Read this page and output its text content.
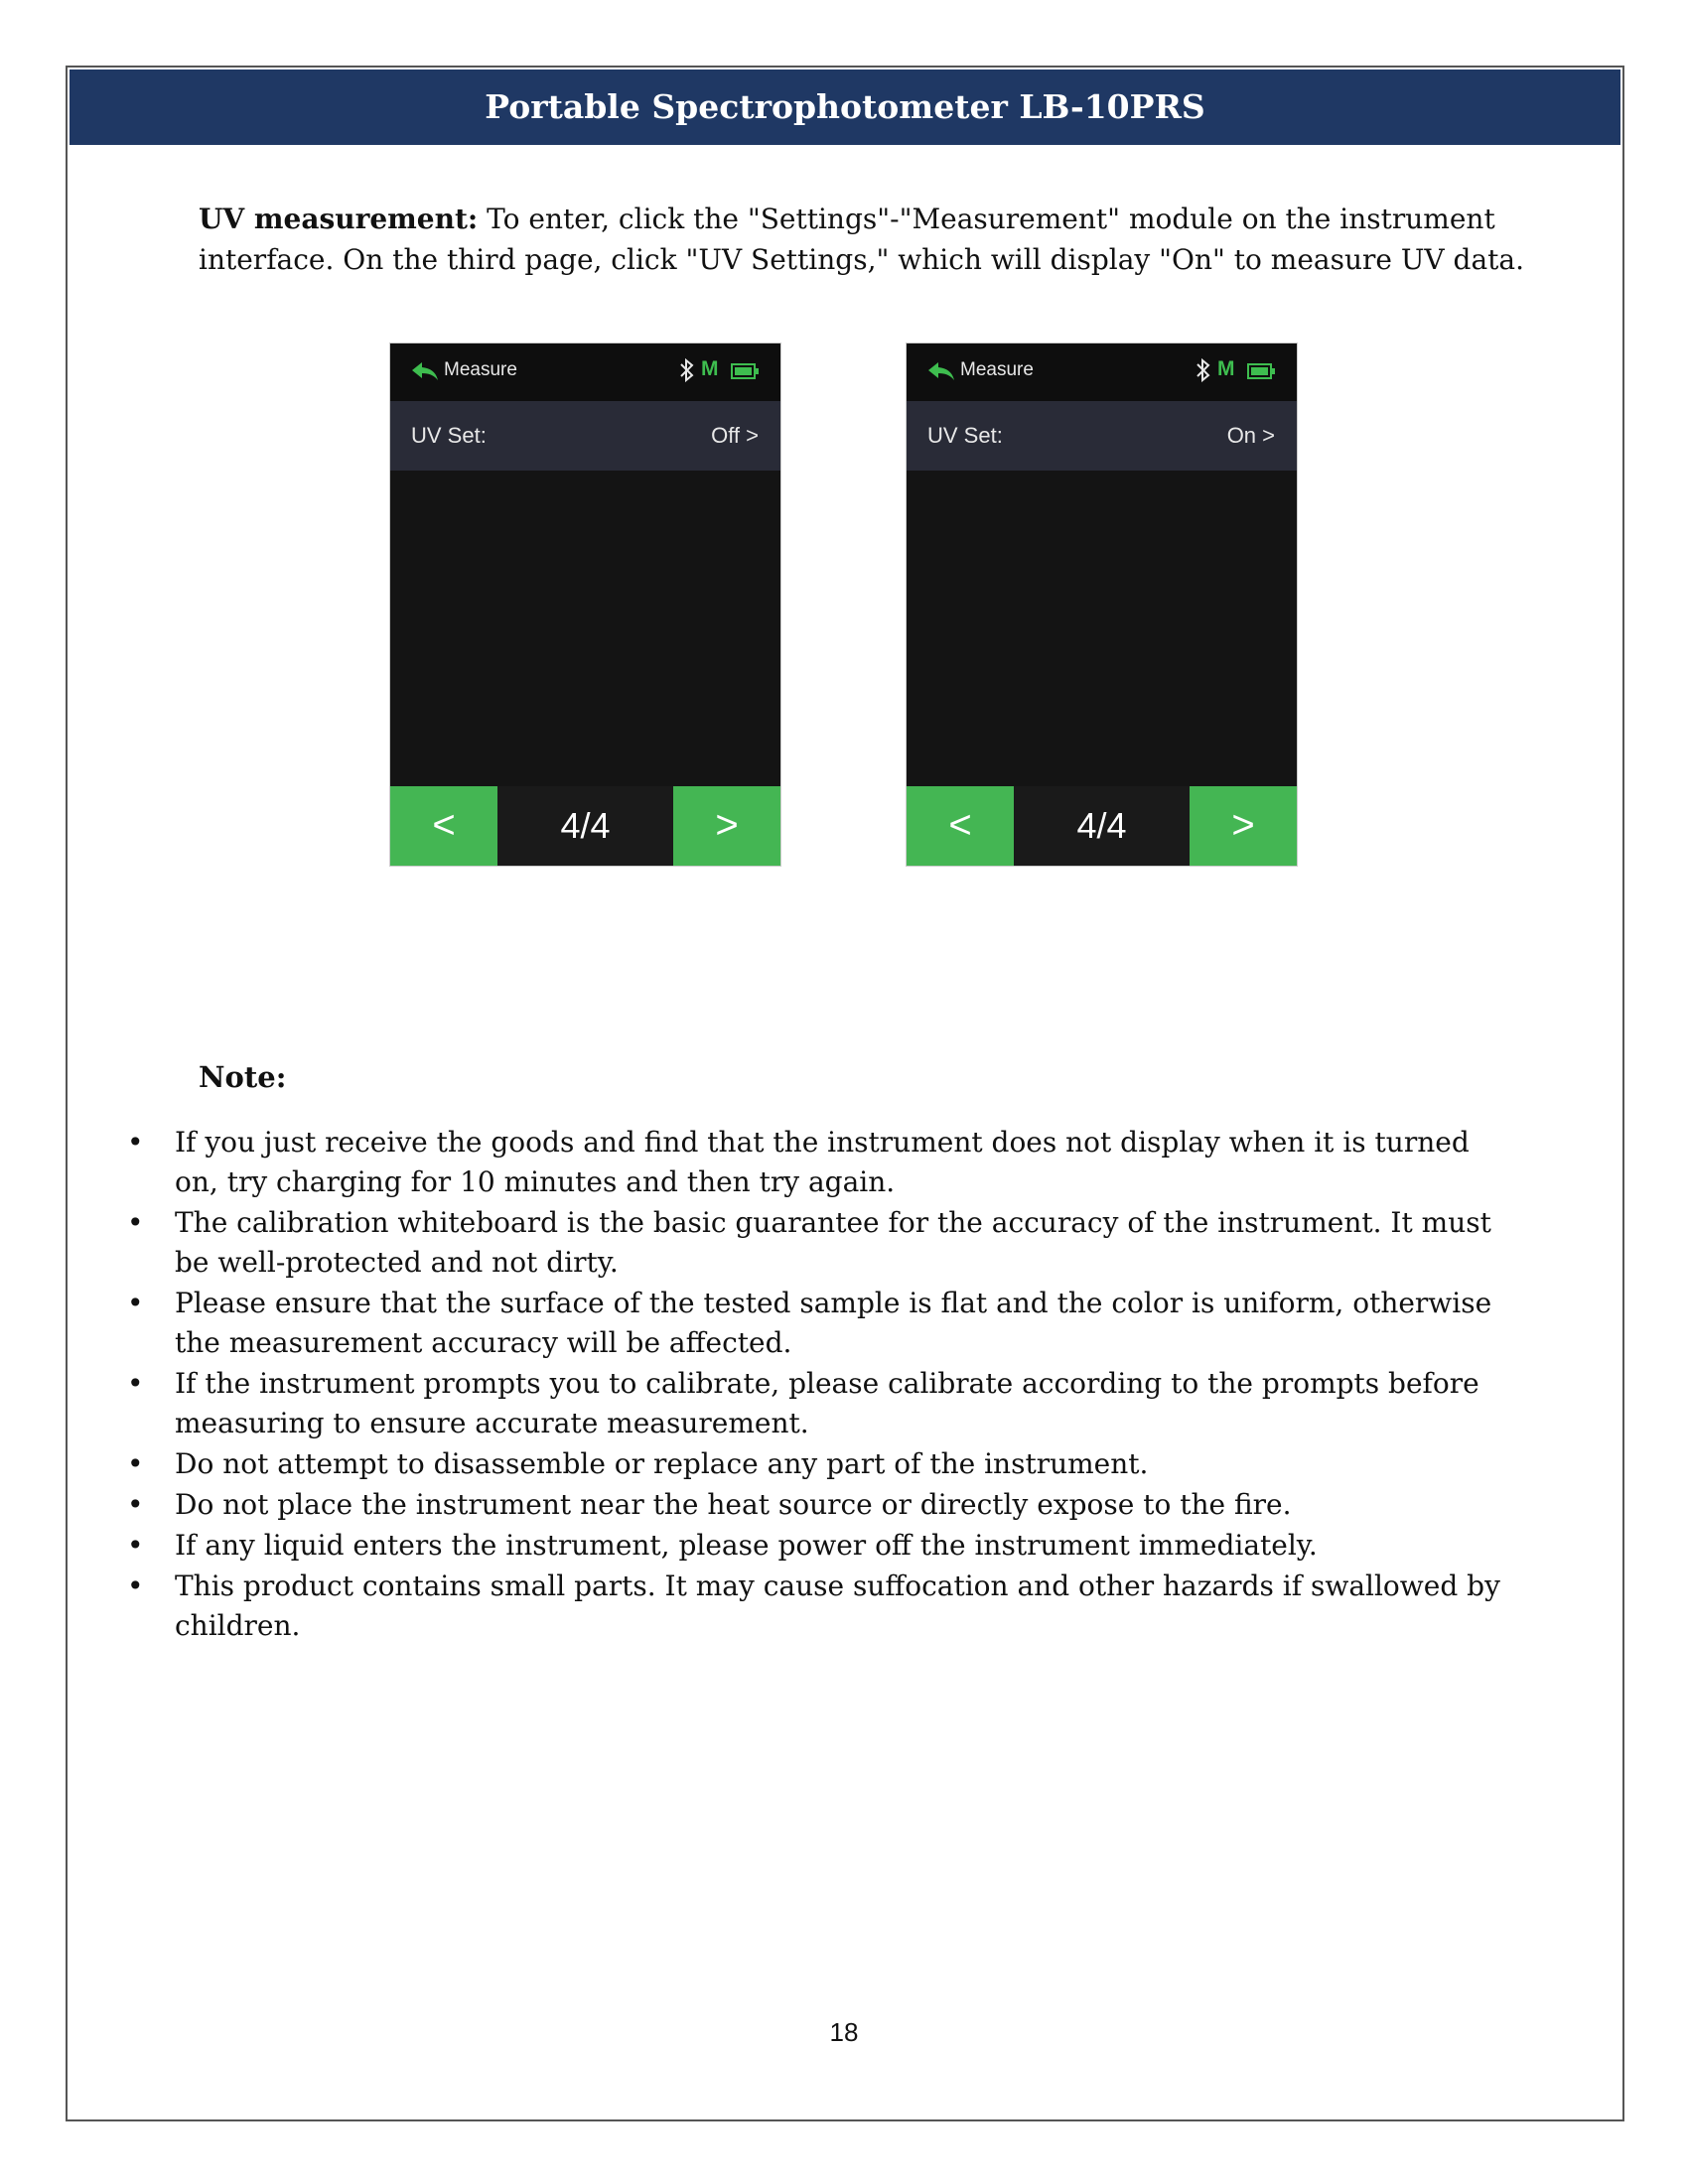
Portable Spectrophotometer LB-10PRS

UV measurement: To enter, click the "Settings"-"Measurement" module on the instrument interface. On the third page, click "UV Settings," which will display "On" to measure UV data.

Measure	M
UV Set:	Off >
<	4/4	>
Measure	M
UV Set:	On >
<	4/4	>
Note:
• If you just receive the goods and find that the instrument does not display when it is turned on, try charging for 10 minutes and then try again.
• The calibration whiteboard is the basic guarantee for the accuracy of the instrument. It must be well-protected and not dirty.
• Please ensure that the surface of the tested sample is flat and the color is uniform, otherwise the measurement accuracy will be affected.
• If the instrument prompts you to calibrate, please calibrate according to the prompts before measuring to ensure accurate measurement.
• Do not attempt to disassemble or replace any part of the instrument.
• Do not place the instrument near the heat source or directly expose to the fire.
• If any liquid enters the instrument, please power off the instrument immediately.
• This product contains small parts. It may cause suffocation and other hazards if swallowed by children.
18
